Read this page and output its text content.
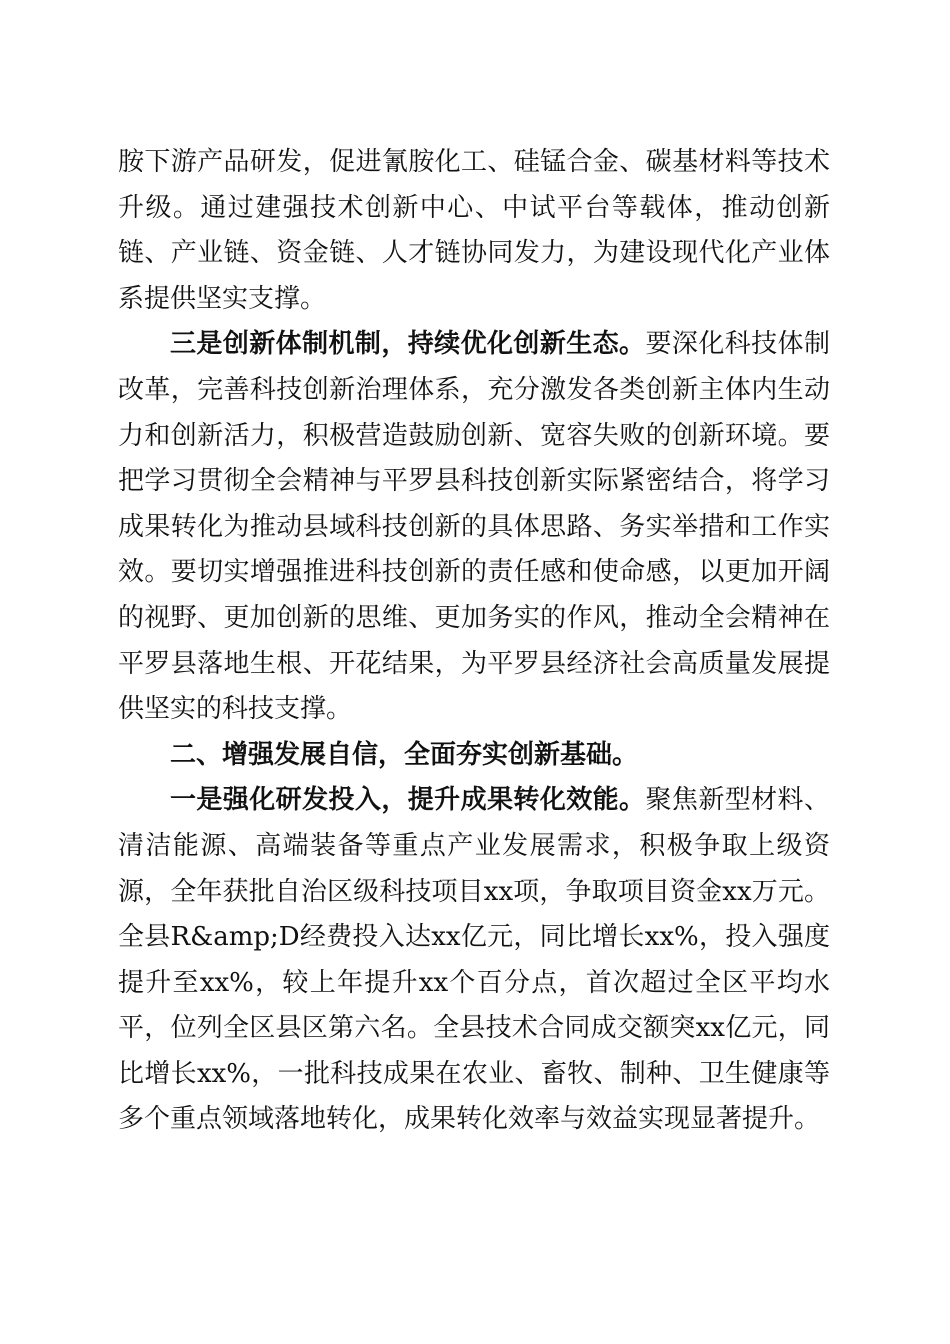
胺下游产品研发，促进氰胺化工、硅锰合金、碳基材料等技术升级。通过建强技术创新中心、中试平台等载体，推动创新链、产业链、资金链、人才链协同发力，为建设现代化产业体系提供坚实支撑。

三是创新体制机制，持续优化创新生态。要深化科技体制改革，完善科技创新治理体系，充分激发各类创新主体内生动力和创新活力，积极营造鼓励创新、宽容失败的创新环境。要把学习贯彻全会精神与平罗县科技创新实际紧密结合，将学习成果转化为推动县域科技创新的具体思路、务实举措和工作实效。要切实增强推进科技创新的责任感和使命感，以更加开阔的视野、更加创新的思维、更加务实的作风，推动全会精神在平罗县落地生根、开花结果，为平罗县经济社会高质量发展提供坚实的科技支撑。

二、增强发展自信，全面夯实创新基础。

一是强化研发投入，提升成果转化效能。聚焦新型材料、清洁能源、高端装备等重点产业发展需求，积极争取上级资源，全年获批自治区级科技项目xx项，争取项目资金xx万元。全县R&amp;D经费投入达xx亿元，同比增长xx%，投入强度提升至xx%，较上年提升xx个百分点，首次超过全区平均水平，位列全区县区第六名。全县技术合同成交额突xx亿元，同比增长xx%，一批科技成果在农业、畜牧、制种、卫生健康等多个重点领域落地转化，成果转化效率与效益实现显著提升。
